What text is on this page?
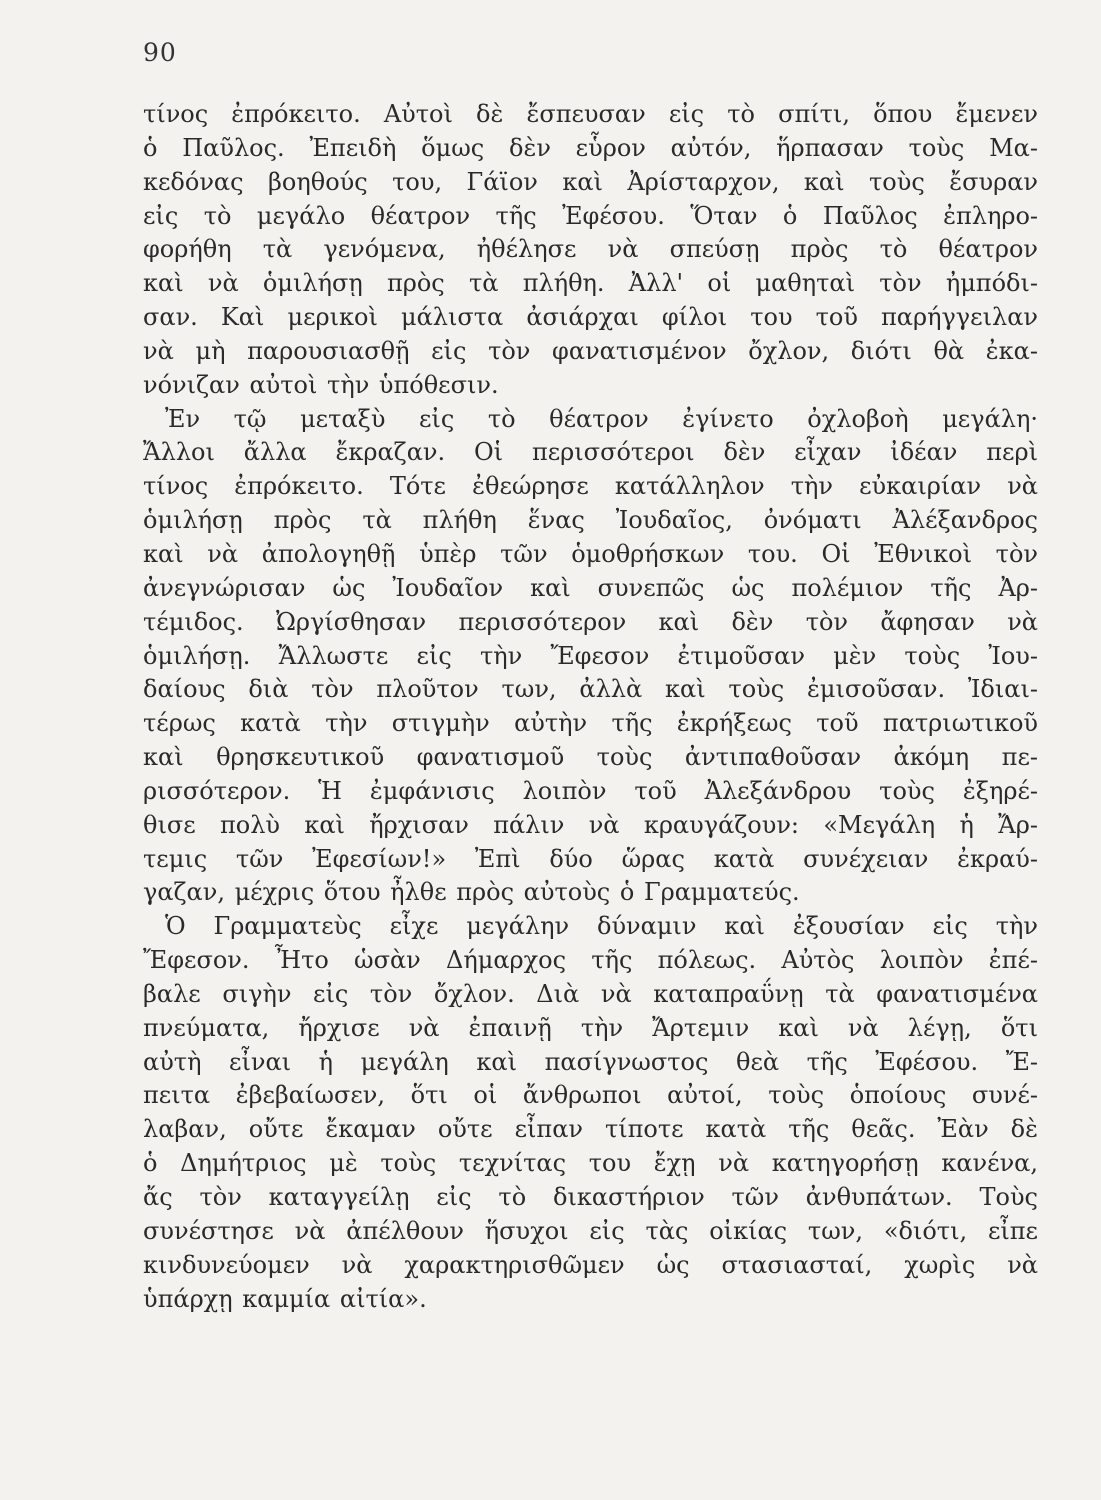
90
τίνος ἐπρόκειτο. Αὐτοὶ δὲ ἔσπευσαν εἰς τὸ σπίτι, ὅπου ἔμενεν
ὁ Παῦλος. Ἐπειδὴ ὅμως δὲν εὗρον αὐτόν, ἥρπασαν τοὺς Μα-
κεδόνας βοηθούς του, Γάϊον καὶ Ἀρίσταρχον, καὶ τοὺς ἔσυραν
εἰς τὸ μεγάλο θέατρον τῆς Ἐφέσου. Ὅταν ὁ Παῦλος ἐπληρο-
φορήθη τὰ γενόμενα, ἠθέλησε νὰ σπεύσῃ πρὸς τὸ θέατρον
καὶ νὰ ὁμιλήσῃ πρὸς τὰ πλήθη. Ἀλλ' οἱ μαθηταὶ τὸν ἠμπόδι-
σαν. Καὶ μερικοὶ μάλιστα ἀσιάρχαι φίλοι του τοῦ παρήγγειλαν
νὰ μὴ παρουσιασθῇ εἰς τὸν φανατισμένον ὄχλον, διότι θὰ ἐκα-
νόνιζαν αὐτοὶ τὴν ὑπόθεσιν.
Ἐν τῷ μεταξὺ εἰς τὸ θέατρον ἐγίνετο ὀχλοβοὴ μεγάλη·
Ἄλλοι ἄλλα ἔκραζαν. Οἱ περισσότεροι δὲν εἶχαν ἰδέαν περὶ
τίνος ἐπρόκειτο. Τότε ἐθεώρησε κατάλληλον τὴν εὐκαιρίαν νὰ
ὁμιλήσῃ πρὸς τὰ πλήθη ἕνας Ἰουδαῖος, ὀνόματι Ἀλέξανδρος
καὶ νὰ ἀπολογηθῇ ὑπὲρ τῶν ὁμοθρήσκων του. Οἱ Ἐθνικοὶ τὸν
ἀνεγνώρισαν ὡς Ἰουδαῖον καὶ συνεπῶς ὡς πολέμιον τῆς Ἀρ-
τέμιδος. Ὠργίσθησαν περισσότερον καὶ δὲν τὸν ἄφησαν νὰ
ὁμιλήσῃ. Ἄλλωστε εἰς τὴν Ἔφεσον ἐτιμοῦσαν μὲν τοὺς Ἰου-
δαίους διὰ τὸν πλοῦτον των, ἀλλὰ καὶ τοὺς ἐμισοῦσαν. Ἰδιαι-
τέρως κατὰ τὴν στιγμὴν αὐτὴν τῆς ἐκρήξεως τοῦ πατριωτικοῦ
καὶ θρησκευτικοῦ φανατισμοῦ τοὺς ἀντιπαθοῦσαν ἀκόμη πε-
ρισσότερον. Ἡ ἐμφάνισις λοιπὸν τοῦ Ἀλεξάνδρου τοὺς ἐξηρέ-
θισε πολὺ καὶ ἤρχισαν πάλιν νὰ κραυγάζουν: «Μεγάλη ἡ Ἄρ-
τεμις τῶν Ἐφεσίων!» Ἐπὶ δύο ὥρας κατὰ συνέχειαν ἐκραύ-
γαζαν, μέχρις ὅτου ἦλθε πρὸς αὐτοὺς ὁ Γραμματεύς.
Ὁ Γραμματεὺς εἶχε μεγάλην δύναμιν καὶ ἐξουσίαν εἰς τὴν
Ἔφεσον. Ἦτο ὡσὰν Δήμαρχος τῆς πόλεως. Αὐτὸς λοιπὸν ἐπέ-
βαλε σιγὴν εἰς τὸν ὄχλον. Διὰ νὰ καταπραΰνῃ τὰ φανατισμένα
πνεύματα, ἤρχισε νὰ ἐπαινῇ τὴν Ἄρτεμιν καὶ νὰ λέγῃ, ὅτι
αὐτὴ εἶναι ἡ μεγάλη καὶ πασίγνωστος θεὰ τῆς Ἐφέσου. Ἔ-
πειτα ἐβεβαίωσεν, ὅτι οἱ ἄνθρωποι αὐτοί, τοὺς ὁποίους συνέ-
λαβαν, οὔτε ἔκαμαν οὔτε εἶπαν τίποτε κατὰ τῆς θεᾶς. Ἐὰν δὲ
ὁ Δημήτριος μὲ τοὺς τεχνίτας του ἔχῃ νὰ κατηγορήσῃ κανένα,
ἄς τὸν καταγγείλῃ εἰς τὸ δικαστήριον τῶν ἀνθυπάτων. Τοὺς
συνέστησε νὰ ἀπέλθουν ἥσυχοι εἰς τὰς οἰκίας των, «διότι, εἶπε
κινδυνεύομεν νὰ χαρακτηρισθῶμεν ὡς στασιασταί, χωρὶς νὰ
ὑπάρχῃ καμμία αἰτία».
